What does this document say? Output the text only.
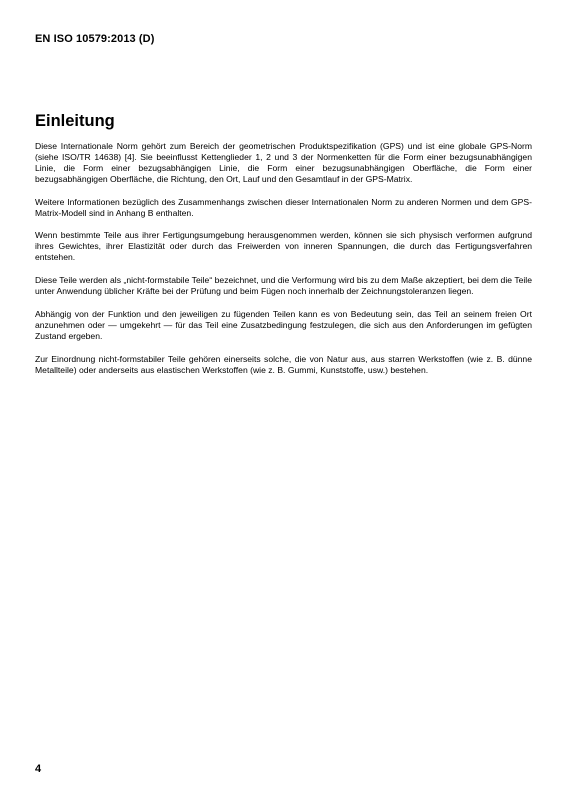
EN ISO 10579:2013 (D)
Einleitung

Diese Internationale Norm gehört zum Bereich der geometrischen Produktspezifikation (GPS) und ist eine globale GPS-Norm (siehe ISO/TR 14638) [4]. Sie beeinflusst Kettenglieder 1, 2 und 3 der Normenketten für die Form einer bezugsunabhängigen Linie, die Form einer bezugsabhängigen Linie, die Form einer bezugsunabhängigen Oberfläche, die Form einer bezugsabhängigen Oberfläche, die Richtung, den Ort, Lauf und den Gesamtlauf in der GPS-Matrix.

Weitere Informationen bezüglich des Zusammenhangs zwischen dieser Internationalen Norm zu anderen Normen und dem GPS-Matrix-Modell sind in Anhang B enthalten.

Wenn bestimmte Teile aus ihrer Fertigungsumgebung herausgenommen werden, können sie sich physisch verformen aufgrund ihres Gewichtes, ihrer Elastizität oder durch das Freiwerden von inneren Spannungen, die durch das Fertigungsverfahren entstehen.

Diese Teile werden als „nicht-formstabile Teile“ bezeichnet, und die Verformung wird bis zu dem Maße akzeptiert, bei dem die Teile unter Anwendung üblicher Kräfte bei der Prüfung und beim Fügen noch innerhalb der Zeichnungstoleranzen liegen.

Abhängig von der Funktion und den jeweiligen zu fügenden Teilen kann es von Bedeutung sein, das Teil an seinem freien Ort anzunehmen oder — umgekehrt — für das Teil eine Zusatzbedingung festzulegen, die sich aus den Anforderungen im gefügten Zustand ergeben.

Zur Einordnung nicht-formstabiler Teile gehören einerseits solche, die von Natur aus, aus starren Werkstoffen (wie z. B. dünne Metallteile) oder anderseits aus elastischen Werkstoffen (wie z. B. Gummi, Kunststoffe, usw.) bestehen.

4
